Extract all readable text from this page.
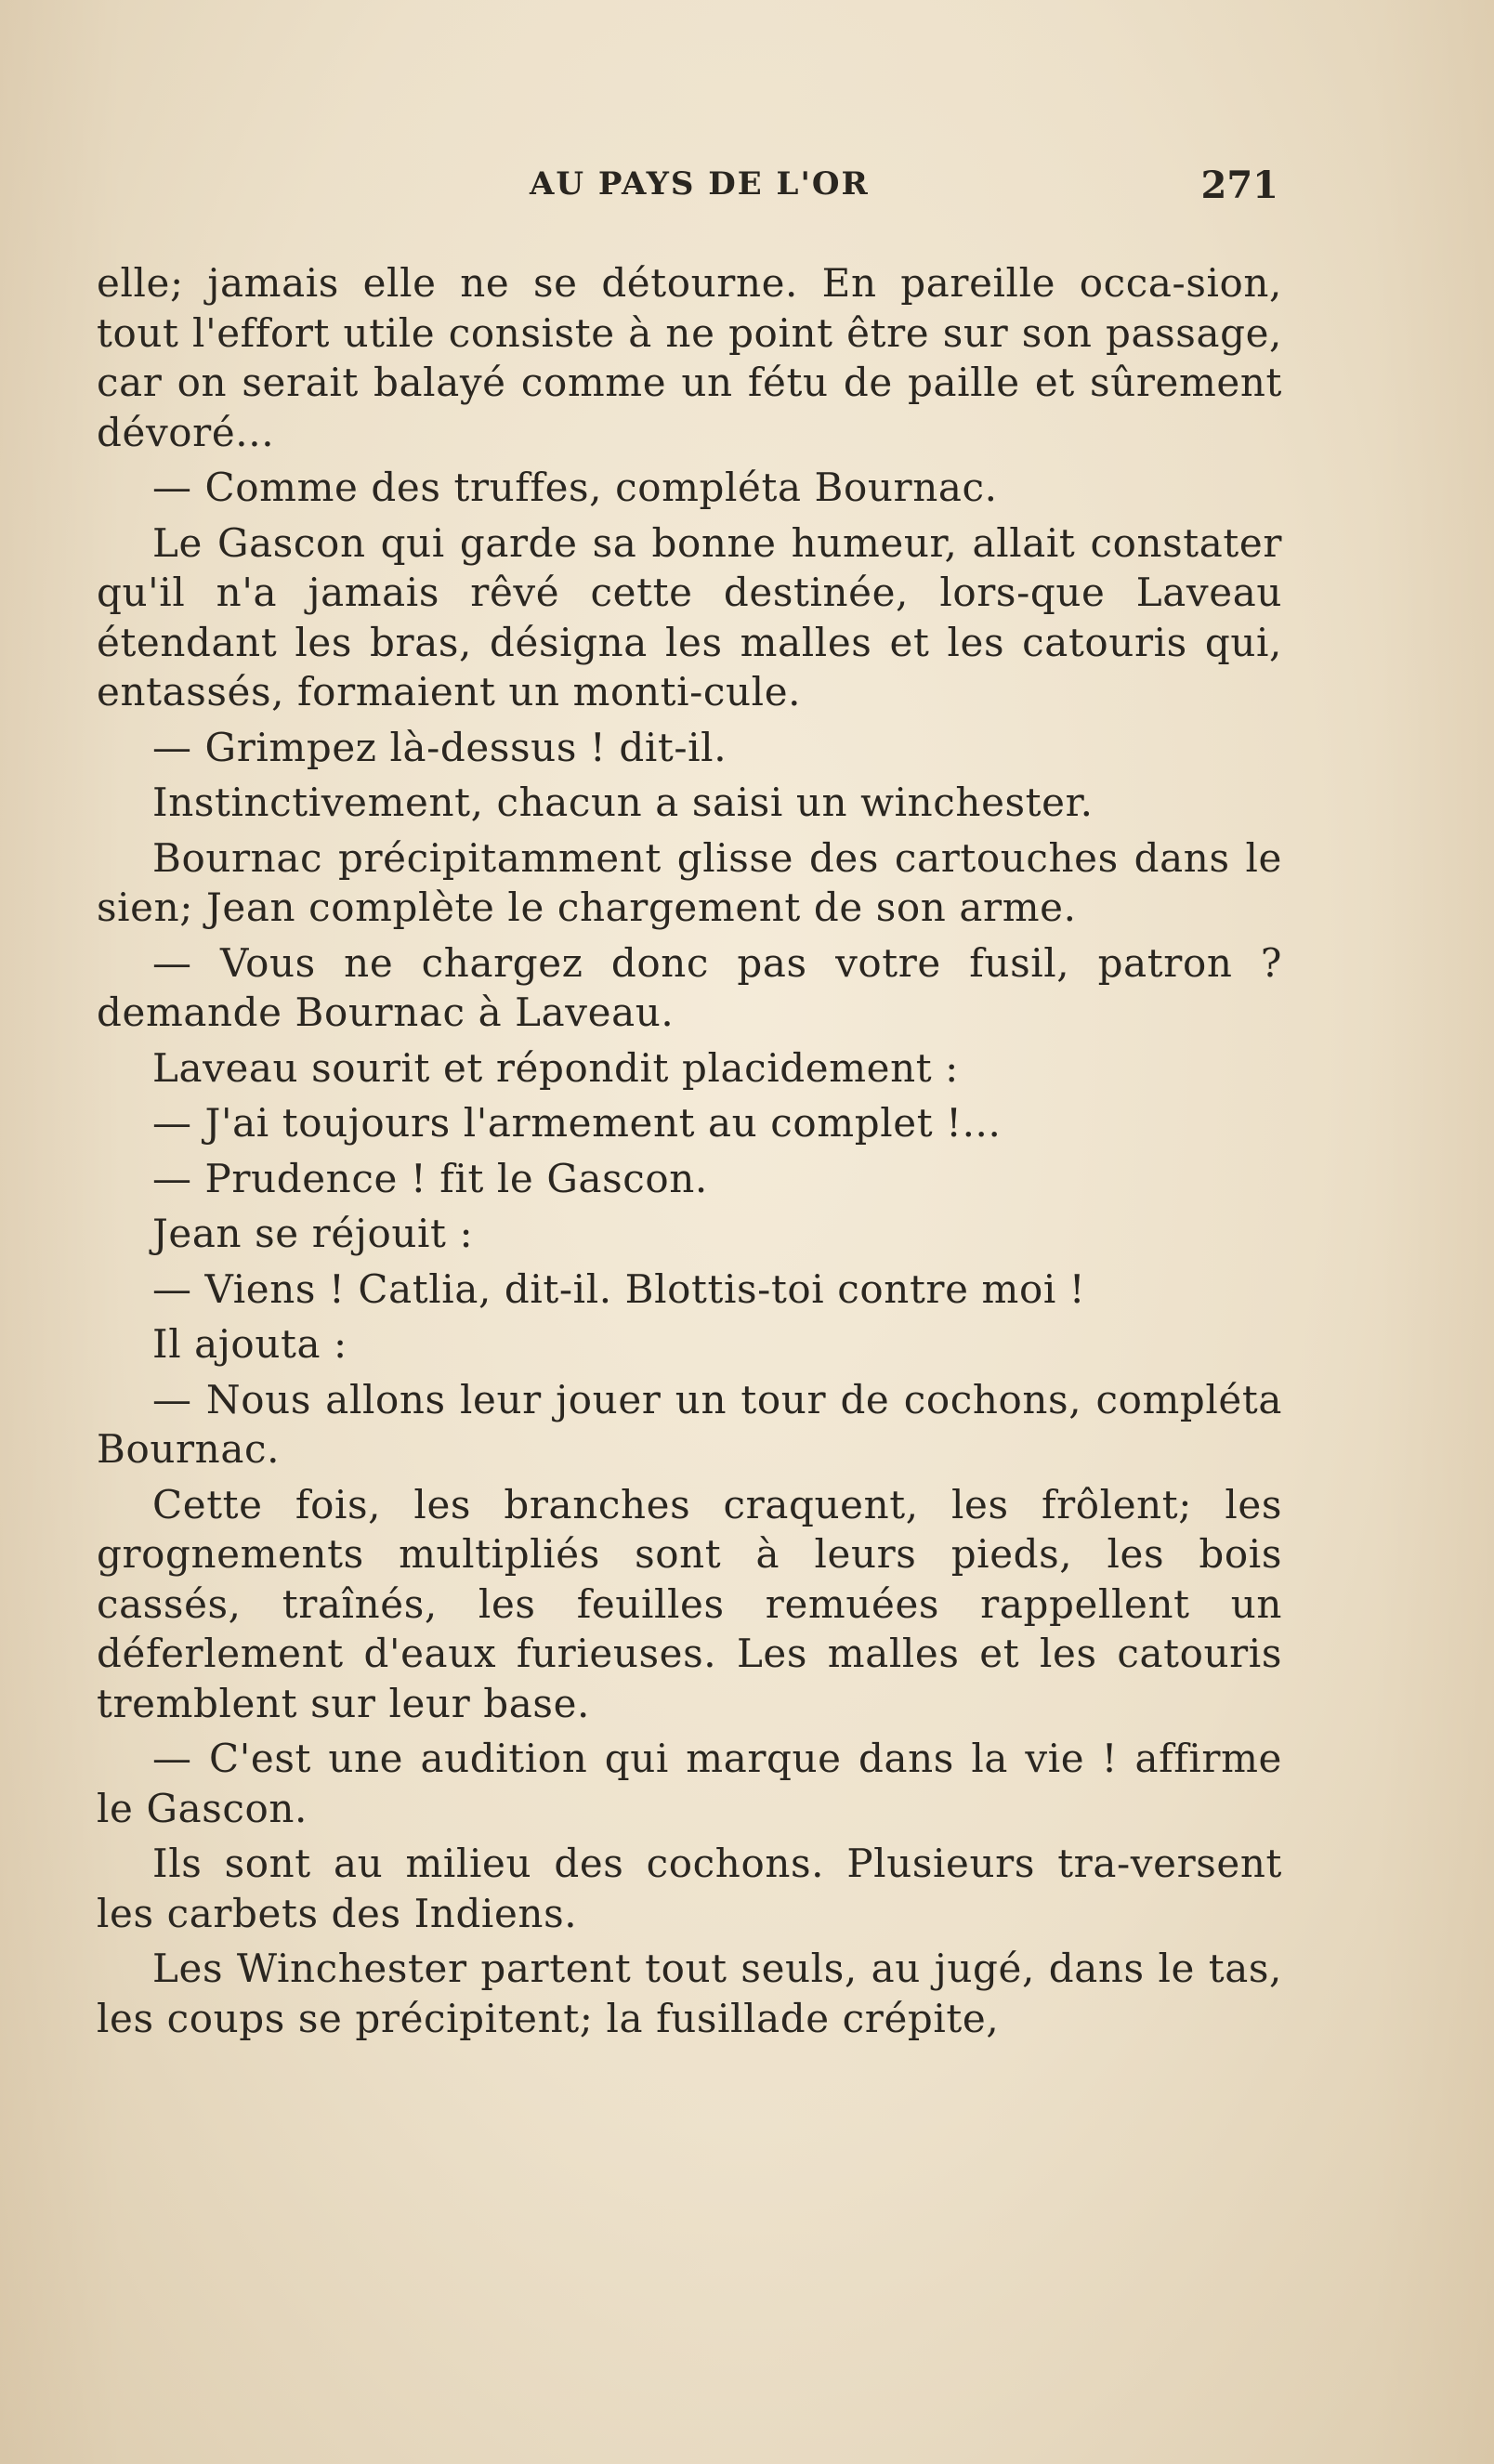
AU PAYS DE L'OR	271

elle; jamais elle ne se détourne. En pareille occa-sion, tout l'effort utile consiste à ne point être sur son passage, car on serait balayé comme un fétu de paille et sûrement dévoré...

— Comme des truffes, compléta Bournac.

Le Gascon qui garde sa bonne humeur, allait constater qu'il n'a jamais rêvé cette destinée, lors-que Laveau étendant les bras, désigna les malles et les catouris qui, entassés, formaient un monti-cule.

— Grimpez là-dessus ! dit-il.

Instinctivement, chacun a saisi un winchester.

Bournac précipitamment glisse des cartouches dans le sien; Jean complète le chargement de son arme.

— Vous ne chargez donc pas votre fusil, patron ? demande Bournac à Laveau.

Laveau sourit et répondit placidement :

— J'ai toujours l'armement au complet !...

— Prudence ! fit le Gascon.

Jean se réjouit :

— Viens ! Catlia, dit-il. Blottis-toi contre moi !

Il ajouta :

— Nous allons leur jouer un tour de cochons, compléta Bournac.

Cette fois, les branches craquent, les frôlent; les grognements multipliés sont à leurs pieds, les bois cassés, traînés, les feuilles remuées rappellent un déferlement d'eaux furieuses. Les malles et les catouris tremblent sur leur base.

— C'est une audition qui marque dans la vie ! affirme le Gascon.

Ils sont au milieu des cochons. Plusieurs tra-versent les carbets des Indiens.

Les Winchester partent tout seuls, au jugé, dans le tas, les coups se précipitent; la fusillade crépite,
